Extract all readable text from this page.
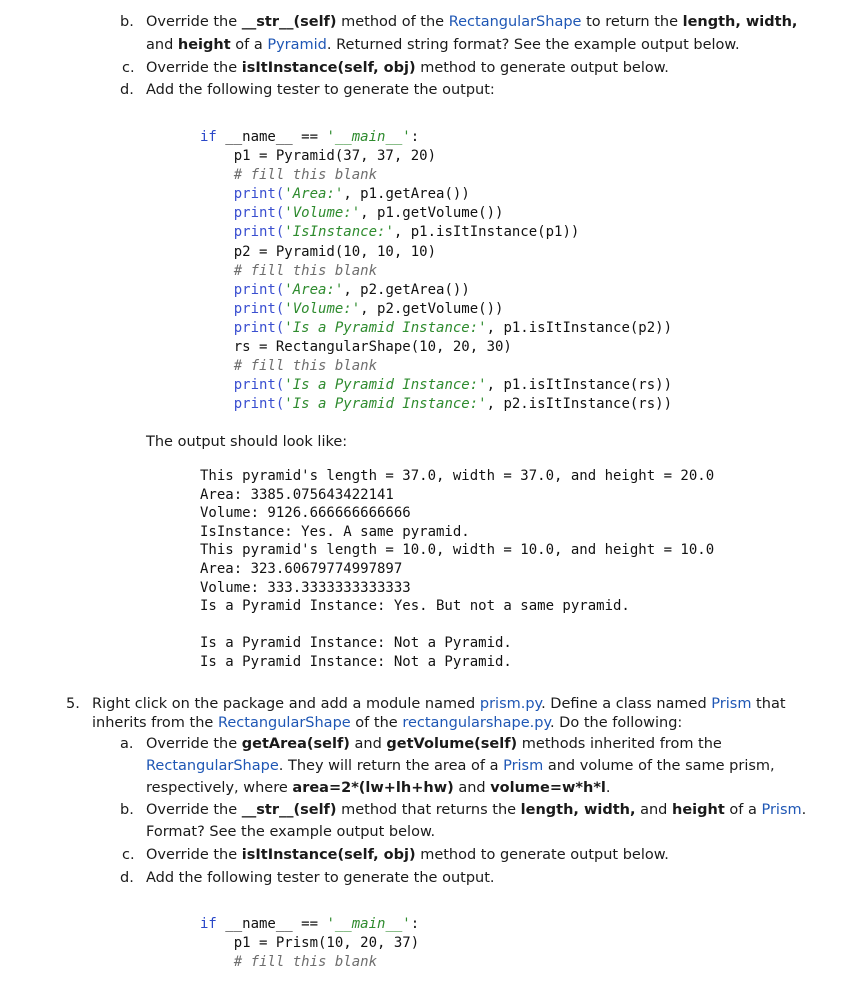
b. Override the __str__(self) method of the RectangularShape to return the length, width,
and height of a Pyramid. Returned string format? See the example output below.
c. Override the isItInstance(self, obj) method to generate output below.
d. Add the following tester to generate the output:
if __name__ == '__main__':
p1 = Pyramid(37, 37, 20)
# fill this blank
print('Area:', p1.getArea())
print('Volume:', p1.getVolume())
print('IsInstance:', p1.isItInstance(p1))
p2 = Pyramid(10, 10, 10)
# fill this blank
print('Area:', p2.getArea())
print('Volume:', p2.getVolume())
print('Is a Pyramid Instance:', p1.isItInstance(p2))
rs = RectangularShape(10, 20, 30)
# fill this blank
print('Is a Pyramid Instance:', p1.isItInstance(rs))
print('Is a Pyramid Instance:', p2.isItInstance(rs))
The output should look like:
This pyramid's length = 37.0, width = 37.0, and height = 20.0
Area: 3385.075643422141
Volume: 9126.666666666666
IsInstance: Yes. A same pyramid.
This pyramid's length = 10.0, width = 10.0, and height = 10.0
Area: 323.60679774997897
Volume: 333.3333333333333
Is a Pyramid Instance: Yes. But not a same pyramid.
Is a Pyramid Instance: Not a Pyramid.
Is a Pyramid Instance: Not a Pyramid.
5. Right click on the package and add a module named prism.py. Define a class named Prism that
inherits from the RectangularShape of the rectangularshape.py. Do the following:
a. Override the getArea(self) and getVolume(self) methods inherited from the
RectangularShape. They will return the area of a Prism and volume of the same prism,
respectively, where area=2*(lw+lh+hw) and volume=w*h*l.
b. Override the __str__(self) method that returns the length, width, and height of a Prism.
Format? See the example output below.
c. Override the isItInstance(self, obj) method to generate output below.
d. Add the following tester to generate the output.
if __name__ == '__main__':
p1 = Prism(10, 20, 37)
# fill this blank
